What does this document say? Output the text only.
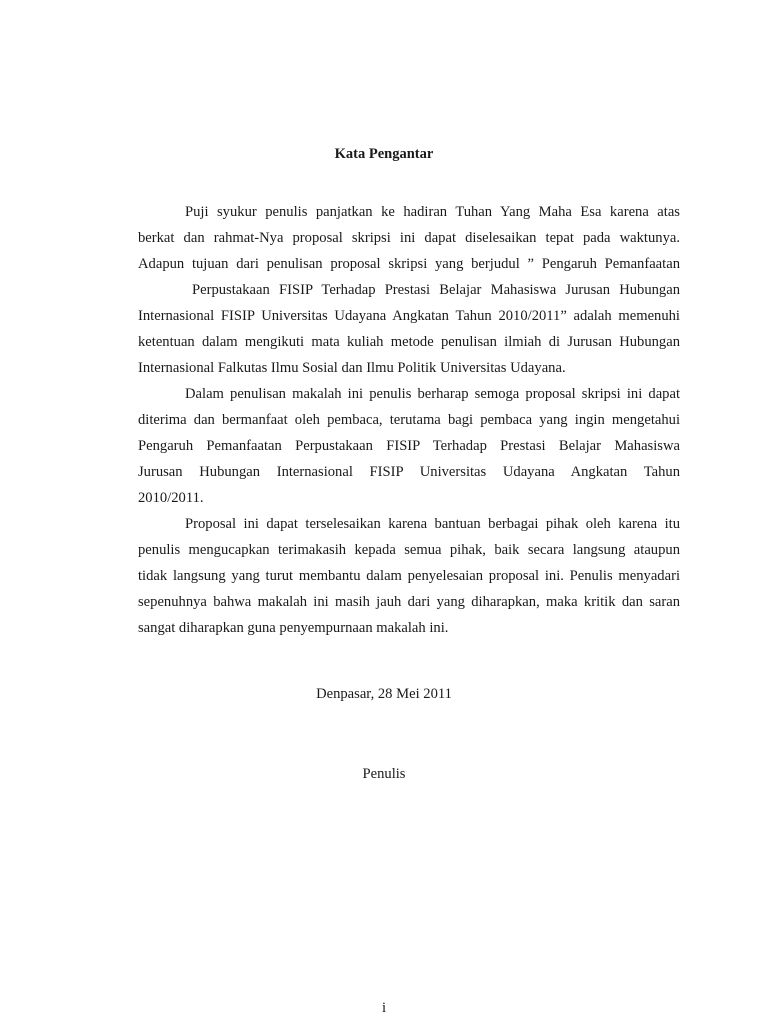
Kata Pengantar
Puji syukur penulis panjatkan ke hadiran Tuhan Yang Maha Esa karena atas
berkat dan rahmat-Nya proposal skripsi ini dapat diselesaikan tepat pada waktunya.
Adapun tujuan dari penulisan proposal skripsi yang berjudul ” Pengaruh Pemanfaatan
Perpustakaan FISIP Terhadap Prestasi Belajar Mahasiswa Jurusan Hubungan
Internasional FISIP Universitas Udayana Angkatan Tahun 2010/2011” adalah memenuhi
ketentuan dalam mengikuti mata kuliah metode penulisan ilmiah di Jurusan Hubungan
Internasional Falkutas Ilmu Sosial dan Ilmu Politik Universitas Udayana.
Dalam penulisan makalah ini penulis berharap semoga proposal skripsi ini dapat
diterima dan bermanfaat oleh pembaca, terutama bagi pembaca yang ingin mengetahui
Pengaruh Pemanfaatan Perpustakaan FISIP Terhadap Prestasi Belajar Mahasiswa
Jurusan Hubungan Internasional FISIP Universitas Udayana Angkatan Tahun
2010/2011.
Proposal ini dapat terselesaikan karena bantuan berbagai pihak oleh karena itu
penulis mengucapkan terimakasih kepada semua pihak, baik secara langsung ataupun
tidak langsung yang turut membantu dalam penyelesaian proposal ini. Penulis menyadari
sepenuhnya bahwa makalah ini masih jauh dari yang diharapkan, maka kritik dan saran
sangat diharapkan guna penyempurnaan makalah ini.
Denpasar, 28 Mei 2011
Penulis
i
